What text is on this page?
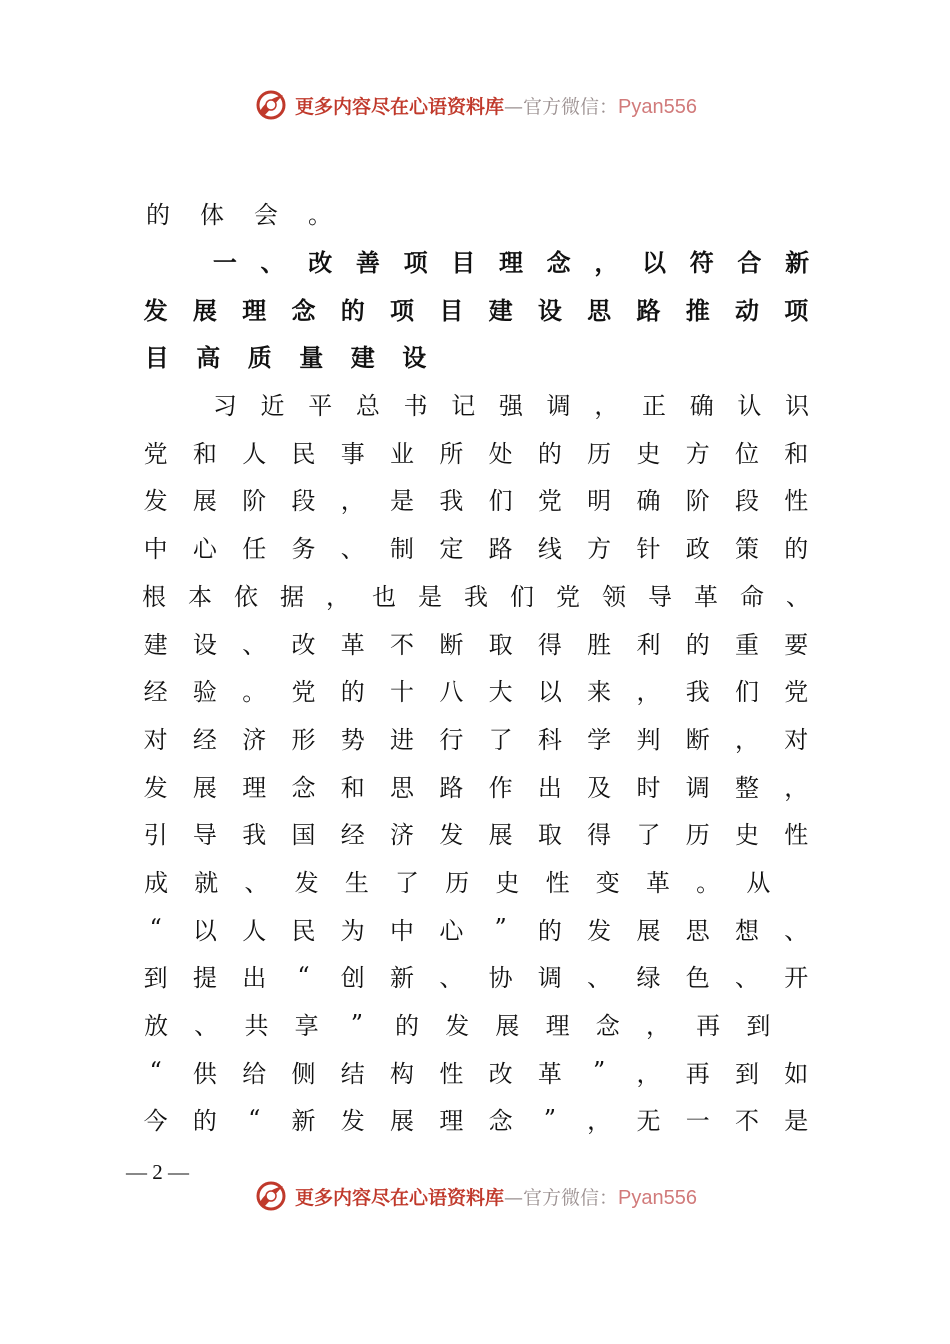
更多内容尽在心语资料库—官方微信：Pyan556
的	体	会	。
一 、 改 善 项 目 理 念 ， 以 符 合 新
发	展	理	念	的	项	目	建	设	思	路	推	动	项
目	高	质	量	建	设
习 近 平 总 书 记 强 调 ， 正 确 认 识
党	和	人	民	事	业	所	处	的	历	史	方	位	和
发	展	阶	段	，	是	我	们	党	明	确	阶	段	性
中	心	任	务	、	制	定	路	线	方	针	政	策	的
根 本 依 据 ， 也 是 我 们 党 领 导 革 命 、
建	设	、	改	革	不	断	取	得	胜	利	的	重	要
经	验	。	党	的	十	八	大	以	来	，	我	们	党
对	经	济	形	势	进	行	了	科	学	判	断	，	对
发	展	理	念	和	思	路	作	出	及	时	调	整	，
引	导	我	国	经	济	发	展	取	得	了	历	史	性
成	就	、	发	生	了	历	史	性	变	革	。	从
“	以	人	民	为	中	心	”	的	发	展	思	想	、
到	提	出	“	创	新	、	协	调	、	绿	色	、	开
放	、	共	享	”	的	发	展	理	念	，	再	到
“	供	给	侧	结	构	性	改	革	”	，	再	到	如
今	的	“	新	发	展	理	念	”	，	无	一	不	是
— 2 —
更多内容尽在心语资料库—官方微信：Pyan556
